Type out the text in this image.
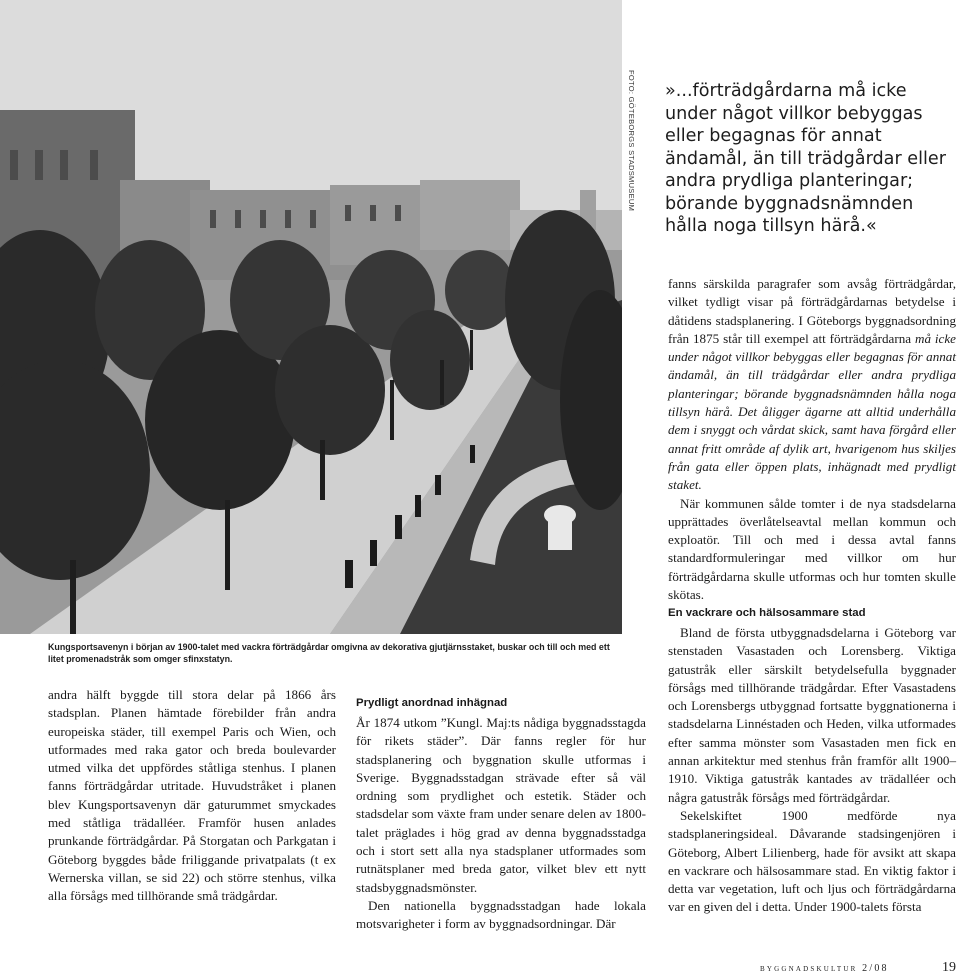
FOTO: GÖTEBORGS STADSMUSEUM
Kungsportsavenyn i början av 1900-talet med vackra förträdgårdar omgivna av dekorativa gjutjärnsstaket, buskar och till och med ett litet promenadstråk som omger sfinxstatyn.

»...förträdgårdarna må icke under något villkor bebyggas eller begagnas för annat ändamål, än till trädgårdar eller andra prydliga planteringar; börande byggnadsnämnden hålla noga tillsyn härå.«

andra hälft byggde till stora delar på 1866 års stadsplan. Planen hämtade förebilder från andra europeiska städer, till exempel Paris och Wien, och utformades med raka gator och breda boulevarder utmed vilka det uppfördes ståtliga stenhus. I planen fanns förträdgårdar utritade. Huvudstråket i planen blev Kungsportsavenyn där gaturummet smyckades med ståtliga trädalléer. Framför husen anlades prunkande förträdgårdar. På Storgatan och Parkgatan i Göteborg byggdes både friliggande privatpalats (t ex Wernerska villan, se sid 22) och större stenhus, vilka alla försågs med tillhörande små trädgårdar.

Prydligt anordnad inhägnad

År 1874 utkom ”Kungl. Maj:ts nådiga byggnadsstagda för rikets städer”. Där fanns regler för hur stadsplanering och byggnation skulle utformas i Sverige. Byggnadsstadgan strävade efter så väl ordning som prydlighet och estetik. Städer och stadsdelar som växte fram under senare delen av 1800-talet präglades i hög grad av denna byggnadsstadga och i stort sett alla nya stadsplaner utformades som rutnätsplaner med breda gator, vilket blev ett nytt stadsbyggnadsmönster.

Den nationella byggnadsstadgan hade lokala motsvarigheter i form av byggnadsordningar. Där

fanns särskilda paragrafer som avsåg förträdgårdar, vilket tydligt visar på förträdgårdarnas betydelse i dåtidens stadsplanering. I Göteborgs byggnadsordning från 1875 står till exempel att förträdgårdarna må icke under något villkor bebyggas eller begagnas för annat ändamål, än till trädgårdar eller andra prydliga planteringar; börande byggnadsnämnden hålla noga tillsyn härå. Det åligger ägarne att alltid underhålla dem i snyggt och vårdat skick, samt hava förgård eller annat fritt område af dylik art, hvarigenom hus skiljes från gata eller öppen plats, inhägnadt med prydligt staket.

När kommunen sålde tomter i de nya stadsdelarna upprättades överlåtelseavtal mellan kommun och exploatör. Till och med i dessa avtal fanns standardformuleringar med villkor om hur förträdgårdarna skulle utformas och hur tomten skulle skötas.

En vackrare och hälsosammare stad

Bland de första utbyggnadsdelarna i Göteborg var stenstaden Vasastaden och Lorensberg. Viktiga gatustråk eller särskilt betydelsefulla byggnader försågs med tillhörande trädgårdar. Efter Vasastadens och Lorensbergs utbyggnad fortsatte byggnationerna i stadsdelarna Linnéstaden och Heden, vilka utformades efter samma mönster som Vasastaden men fick en annan arkitektur med stenhus från framför allt 1900–1910. Viktiga gatustråk kantades av trädalléer och några gatustråk försågs med förträdgårdar.

Sekelskiftet 1900 medförde nya stadsplaneringsideal. Dåvarande stadsingenjören i Göteborg, Albert Lilienberg, hade för avsikt att skapa en vackrare och hälsosammare stad. En viktig faktor i detta var vegetation, luft och ljus och förträdgårdarna var en given del i detta. Under 1900-talets första

byggnadskultur 2/08	19
